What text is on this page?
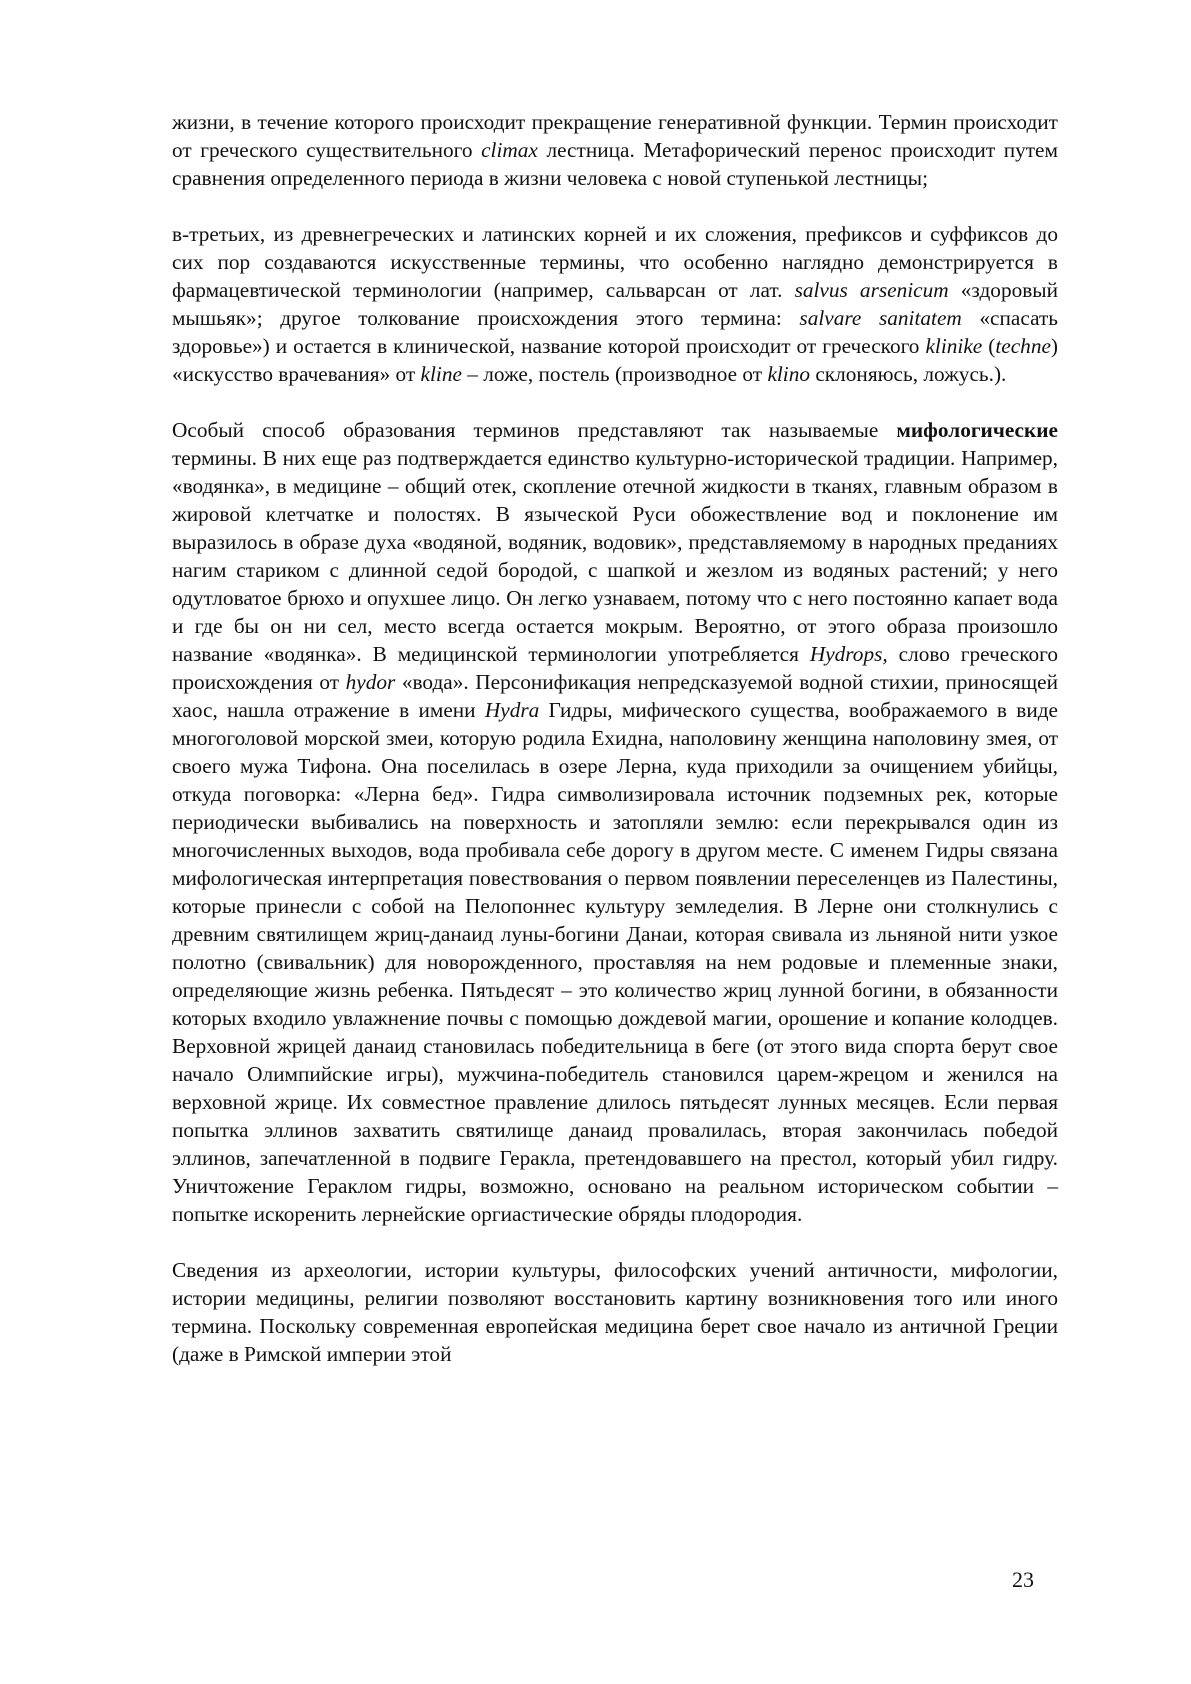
жизни, в течение которого происходит прекращение генеративной функции. Термин происходит от греческого существительного climax лестница. Метафорический перенос происходит путем сравнения определенного периода в жизни человека с новой ступенькой лестницы;

в-третьих, из древнегреческих и латинских корней и их сложения, префиксов и суффиксов до сих пор создаваются искусственные термины, что особенно наглядно демонстрируется в фармацевтической терминологии (например, сальварсан от лат. salvus arsenicum «здоровый мышьяк»; другое толкование происхождения этого термина: salvare sanitatem «спасать здоровье») и остается в клинической, название которой происходит от греческого klinike (techne) «искусство врачевания» от kline – ложе, постель (производное от klino склоняюсь, ложусь.).

Особый способ образования терминов представляют так называемые мифологические термины. В них еще раз подтверждается единство культурно-исторической традиции. Например, «водянка», в медицине – общий отек, скопление отечной жидкости в тканях, главным образом в жировой клетчатке и полостях. В языческой Руси обожествление вод и поклонение им выразилось в образе духа «водяной, водяник, водовик», представляемому в народных преданиях нагим стариком с длинной седой бородой, с шапкой и жезлом из водяных растений; у него одутловатое брюхо и опухшее лицо. Он легко узнаваем, потому что с него постоянно капает вода и где бы он ни сел, место всегда остается мокрым. Вероятно, от этого образа произошло название «водянка». В медицинской терминологии употребляется Hydrops, слово греческого происхождения от hydor «вода». Персонификация непредсказуемой водной стихии, приносящей хаос, нашла отражение в имени Hydra Гидры, мифического существа, воображаемого в виде многоголовой морской змеи, которую родила Ехидна, наполовину женщина наполовину змея, от своего мужа Тифона. Она поселилась в озере Лерна, куда приходили за очищением убийцы, откуда поговорка: «Лерна бед». Гидра символизировала источник подземных рек, которые периодически выбивались на поверхность и затопляли землю: если перекрывался один из многочисленных выходов, вода пробивала себе дорогу в другом месте. С именем Гидры связана мифологическая интерпретация повествования о первом появлении переселенцев из Палестины, которые принесли с собой на Пелопоннес культуру земледелия. В Лерне они столкнулись с древним святилищем жриц-данаид луны-богини Данаи, которая свивала из льняной нити узкое полотно (свивальник) для новорожденного, проставляя на нем родовые и племенные знаки, определяющие жизнь ребенка. Пятьдесят – это количество жриц лунной богини, в обязанности которых входило увлажнение почвы с помощью дождевой магии, орошение и копание колодцев. Верховной жрицей данаид становилась победительница в беге (от этого вида спорта берут свое начало Олимпийские игры), мужчина-победитель становился царем-жрецом и женился на верховной жрице. Их совместное правление длилось пятьдесят лунных месяцев. Если первая попытка эллинов захватить святилище данаид провалилась, вторая закончилась победой эллинов, запечатленной в подвиге Геракла, претендовавшего на престол, который убил гидру. Уничтожение Гераклом гидры, возможно, основано на реальном историческом событии – попытке искоренить лернейские оргиастические обряды плодородия.

Сведения из археологии, истории культуры, философских учений античности, мифологии, истории медицины, религии позволяют восстановить картину возникновения того или иного термина. Поскольку современная европейская медицина берет свое начало из античной Греции (даже в Римской империи этой

23
